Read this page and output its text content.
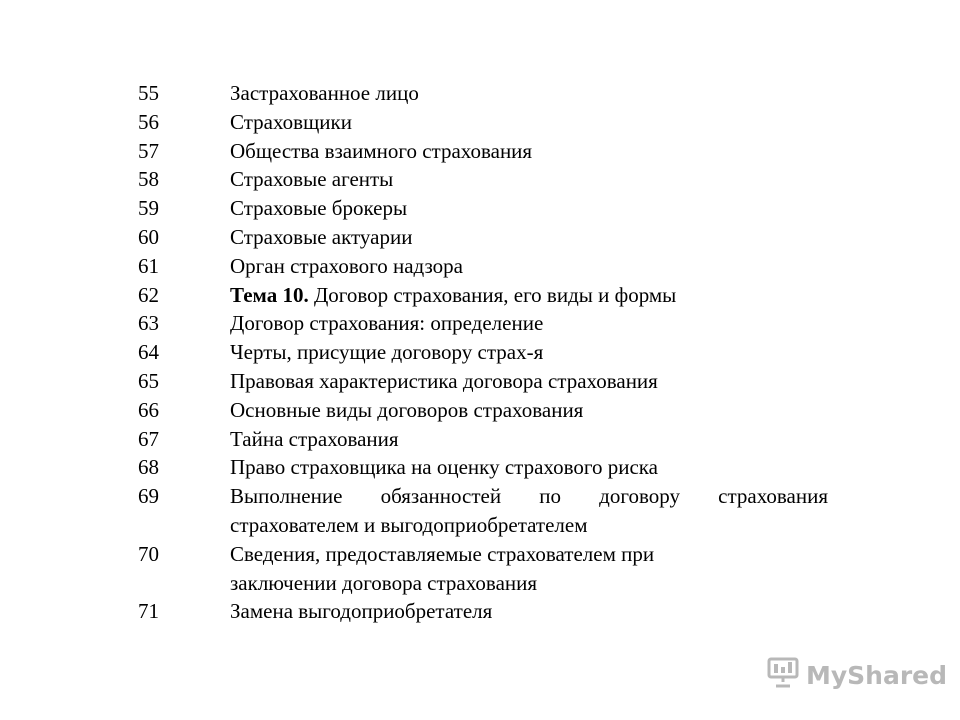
55	Застрахованное лицо
56	Страховщики
57	Общества взаимного страхования
58	Страховые агенты
59	Страховые брокеры
60	Страховые актуарии
61	Орган страхового надзора
62	Тема 10. Договор страхования, его виды и формы
63	Договор страхования: определение
64	Черты, присущие договору страх-я
65	Правовая характеристика договора страхования
66	Основные виды договоров страхования
67	Тайна страхования
68	Право страховщика на оценку страхового риска
69	Выполнение обязанностей по договору страхования страхователем и выгодоприобретателем
70	Сведения, предоставляемые страхователем при заключении договора страхования
71	Замена выгодоприобретателя
MyShared
